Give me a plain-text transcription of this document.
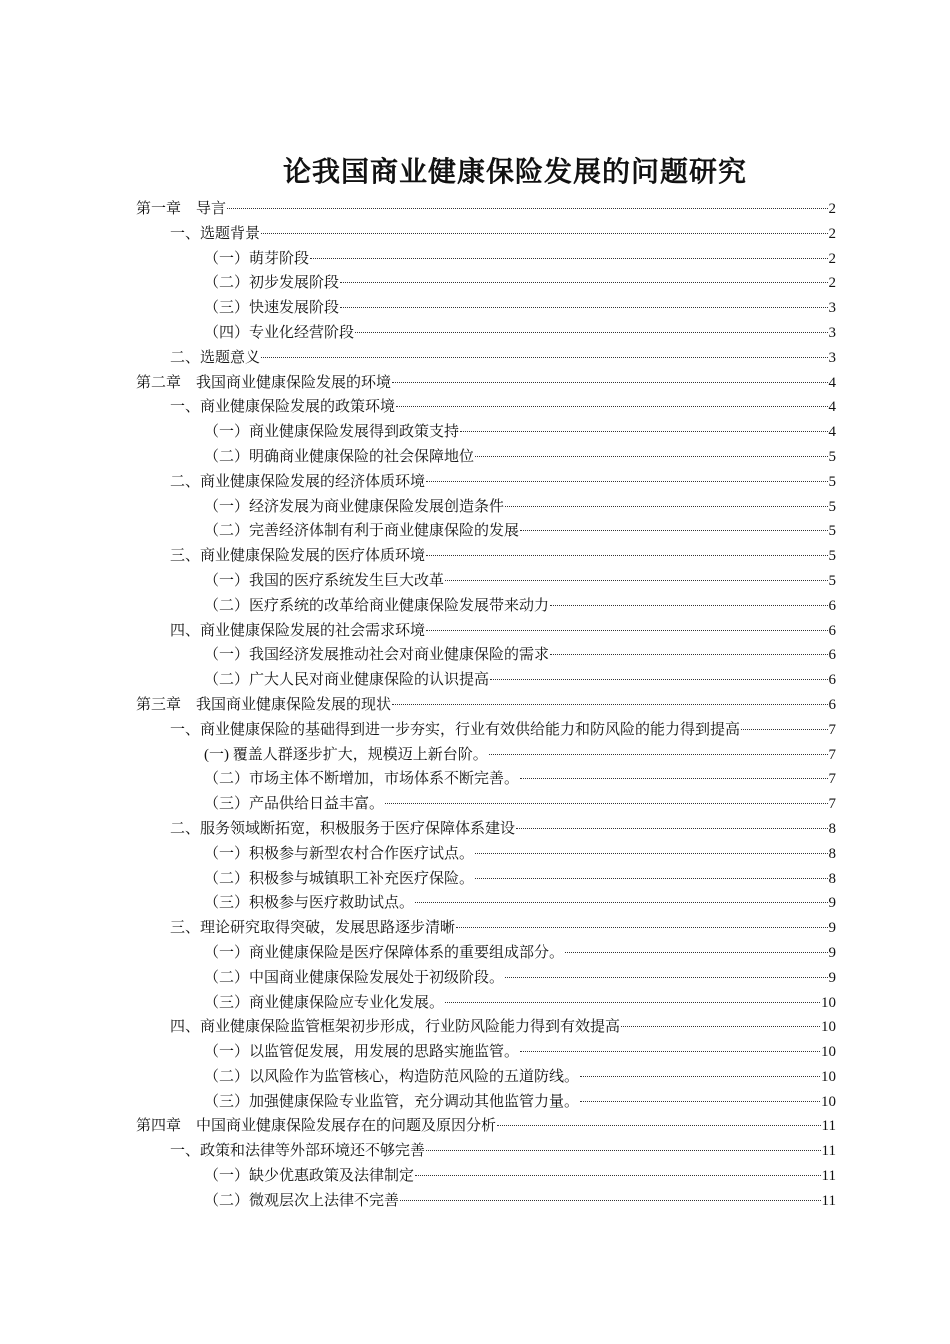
论我国商业健康保险发展的问题研究
第一章　导言	2
一、选题背景	2
（一）萌芽阶段	2
（二）初步发展阶段	2
（三）快速发展阶段	3
（四）专业化经营阶段	3
二、选题意义	3
第二章　我国商业健康保险发展的环境	4
一、商业健康保险发展的政策环境	4
（一）商业健康保险发展得到政策支持	4
（二）明确商业健康保险的社会保障地位	5
二、商业健康保险发展的经济体质环境	5
（一）经济发展为商业健康保险发展创造条件	5
（二）完善经济体制有利于商业健康保险的发展	5
三、商业健康保险发展的医疗体质环境	5
（一）我国的医疗系统发生巨大改革	5
（二）医疗系统的改革给商业健康保险发展带来动力	6
四、商业健康保险发展的社会需求环境	6
（一）我国经济发展推动社会对商业健康保险的需求	6
（二）广大人民对商业健康保险的认识提高	6
第三章　我国商业健康保险发展的现状	6
一、商业健康保险的基础得到进一步夯实，行业有效供给能力和防风险的能力得到提高	7
(一) 覆盖人群逐步扩大，规模迈上新台阶。	7
（二）市场主体不断增加，市场体系不断完善。	7
（三）产品供给日益丰富。	7
二、服务领域断拓宽，积极服务于医疗保障体系建设	8
（一）积极参与新型农村合作医疗试点。	8
（二）积极参与城镇职工补充医疗保险。	8
（三）积极参与医疗救助试点。	9
三、理论研究取得突破，发展思路逐步清晰	9
（一）商业健康保险是医疗保障体系的重要组成部分。	9
（二）中国商业健康保险发展处于初级阶段。	9
（三）商业健康保险应专业化发展。	10
四、商业健康保险监管框架初步形成，行业防风险能力得到有效提高	10
（一）以监管促发展，用发展的思路实施监管。	10
（二）以风险作为监管核心，构造防范风险的五道防线。	10
（三）加强健康保险专业监管，充分调动其他监管力量。	10
第四章　中国商业健康保险发展存在的问题及原因分析	11
一、政策和法律等外部环境还不够完善	11
（一）缺少优惠政策及法律制定	11
（二）微观层次上法律不完善	11
